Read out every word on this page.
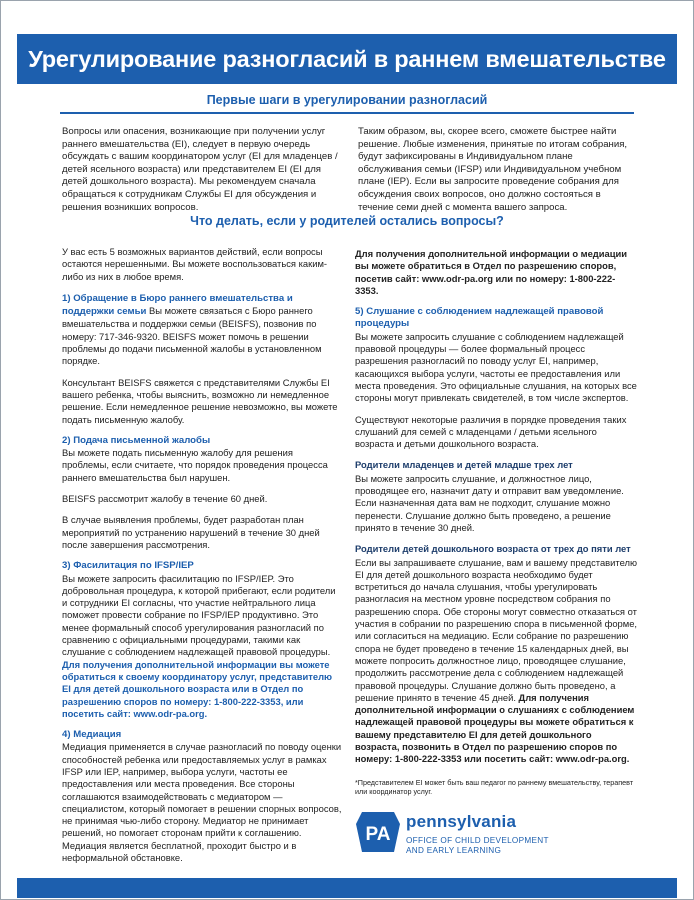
Урегулирование разногласий в раннем вмешательстве
Первые шаги в урегулировании разногласий
Вопросы или опасения, возникающие при получении услуг раннего вмешательства (EI), следует в первую очередь обсуждать с вашим координатором услуг (EI для младенцев / детей ясельного возраста) или представителем EI (EI для детей дошкольного возраста). Мы рекомендуем сначала обращаться к сотрудникам Службы EI для обсуждения и решения возникших вопросов.
Таким образом, вы, скорее всего, сможете быстрее найти решение. Любые изменения, принятые по итогам собрания, будут зафиксированы в Индивидуальном плане обслуживания семьи (IFSP) или Индивидуальном учебном плане (IEP). Если вы запросите проведение собрания для обсуждения своих вопросов, оно должно состояться в течение семи дней с момента вашего запроса.
Что делать, если у родителей остались вопросы?

У вас есть 5 возможных вариантов действий, если вопросы остаются нерешенными. Вы можете воспользоваться каким-либо из них в любое время.

1) Обращение в Бюро раннего вмешательства и поддержки семьи Вы можете связаться с Бюро раннего вмешательства и поддержки семьи (BEISFS), позвонив по номеру: 717-346-9320. BEISFS может помочь в решении проблемы до подачи письменной жалобы в установленном порядке.

Консультант BEISFS свяжется с представителями Службы EI вашего ребенка, чтобы выяснить, возможно ли немедленное решение. Если немедленное решение невозможно, вы можете подать письменную жалобу.

2) Подача письменной жалобы

Вы можете подать письменную жалобу для решения проблемы, если считаете, что порядок проведения процесса раннего вмешательства был нарушен.

BEISFS рассмотрит жалобу в течение 60 дней.

В случае выявления проблемы, будет разработан план мероприятий по устранению нарушений в течение 30 дней после завершения рассмотрения.

3) Фасилитация по IFSP/IEP

Вы можете запросить фасилитацию по IFSP/IEP. Это добровольная процедура, к которой прибегают, если родители и сотрудники EI согласны, что участие нейтрального лица поможет провести собрание по IFSP/IEP продуктивно. Это менее формальный способ урегулирования разногласий по сравнению с официальными процедурами, такими как слушание с соблюдением надлежащей правовой процедуры. Для получения дополнительной информации вы можете обратиться к своему координатору услуг, представителю EI для детей дошкольного возраста или в Отдел по разрешению споров по номеру: 1-800-222-3353, или посетить сайт: www.odr-pa.org.

4) Медиация

Медиация применяется в случае разногласий по поводу оценки способностей ребенка или предоставляемых услуг в рамках IFSP или IEP, например, выбора услуги, частоты ее предоставления или места проведения. Все стороны соглашаются взаимодействовать с медиатором — специалистом, который помогает в решении спорных вопросов, не принимая чью-либо сторону. Медиатор не принимает решений, но помогает сторонам прийти к соглашению. Медиация является бесплатной, проходит быстро и в неформальной обстановке.

Для получения дополнительной информации о медиации вы можете обратиться в Отдел по разрешению споров, посетив сайт: www.odr-pa.org или по номеру: 1-800-222-3353.

5) Слушание с соблюдением надлежащей правовой процедуры

Вы можете запросить слушание с соблюдением надлежащей правовой процедуры — более формальный процесс разрешения разногласий по поводу услуг EI, например, касающихся выбора услуги, частоты ее предоставления или места проведения. Это официальные слушания, на которых все стороны могут привлекать свидетелей, в том числе экспертов.

Существуют некоторые различия в порядке проведения таких слушаний для семей с младенцами / детьми ясельного возраста и детьми дошкольного возраста.

Родители младенцев и детей младше трех лет

Вы можете запросить слушание, и должностное лицо, проводящее его, назначит дату и отправит вам уведомление. Если назначенная дата вам не подходит, слушание можно перенести. Слушание должно быть проведено, а решение принято в течение 30 дней.

Родители детей дошкольного возраста от трех до пяти лет

Если вы запрашиваете слушание, вам и вашему представителю EI для детей дошкольного возраста необходимо будет встретиться до начала слушания, чтобы урегулировать разногласия на местном уровне посредством собрания по разрешению спора. Обе стороны могут совместно отказаться от участия в собрании по разрешению спора в письменной форме, или согласиться на медиацию. Если собрание по разрешению спора не будет проведено в течение 15 календарных дней, вы можете попросить должностное лицо, проводящее слушание, продолжить рассмотрение дела с соблюдением надлежащей правовой процедуры. Слушание должно быть проведено, а решение принято в течение 45 дней. Для получения дополнительной информации о слушаниях с соблюдением надлежащей правовой процедуры вы можете обратиться к вашему представителю EI для детей дошкольного возраста, позвонить в Отдел по разрешению споров по номеру: 1-800-222-3353 или посетить сайт: www.odr-pa.org.

*Представителем EI может быть ваш педагог по раннему вмешательству, терапевт или координатор услуг.

PA
pennsylvania
OFFICE OF CHILD DEVELOPMENT
AND EARLY LEARNING
